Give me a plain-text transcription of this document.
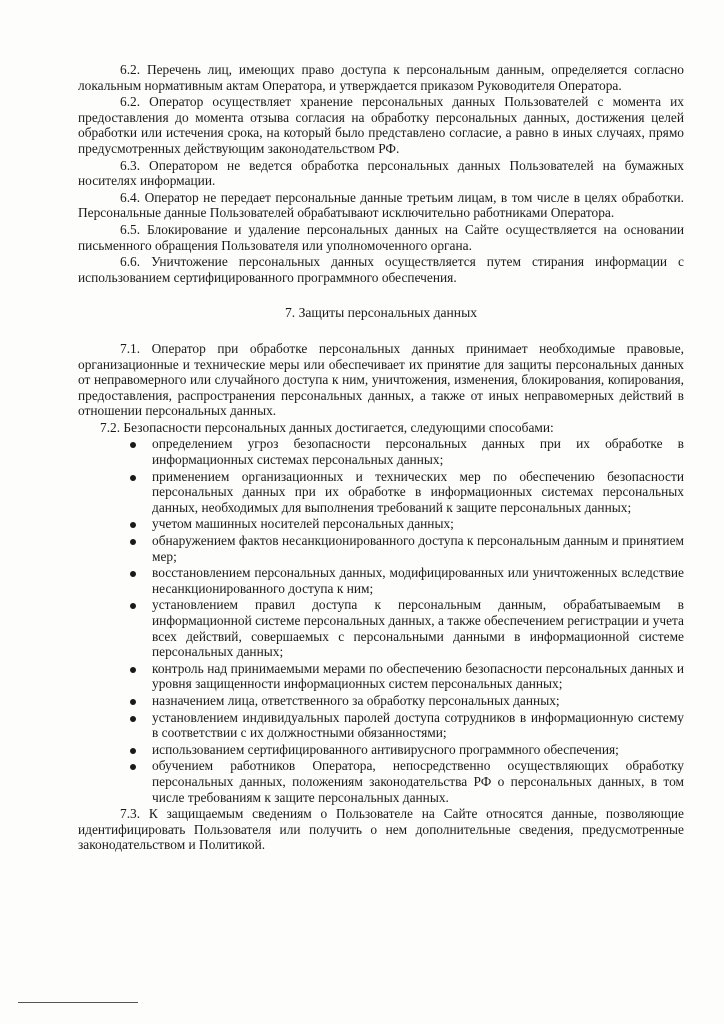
6.2. Перечень лиц, имеющих право доступа к персональным данным, определяется согласно локальным нормативным актам Оператора, и утверждается приказом Руководителя Оператора.

6.2. Оператор осуществляет хранение персональных данных Пользователей с момента их предоставления до момента отзыва согласия на обработку персональных данных, достижения целей обработки или истечения срока, на который было представлено согласие, а равно в иных случаях, прямо предусмотренных действующим законодательством РФ.

6.3. Оператором не ведется обработка персональных данных Пользователей на бумажных носителях информации.

6.4. Оператор не передает персональные данные третьим лицам, в том числе в целях обработки. Персональные данные Пользователей обрабатывают исключительно работниками Оператора.

6.5. Блокирование и удаление персональных данных на Сайте осуществляется на основании письменного обращения Пользователя или уполномоченного органа.

6.6. Уничтожение персональных данных осуществляется путем стирания информации с использованием сертифицированного программного обеспечения.

7. Защиты персональных данных

7.1. Оператор при обработке персональных данных принимает необходимые правовые, организационные и технические меры или обеспечивает их принятие для защиты персональных данных от неправомерного или случайного доступа к ним, уничтожения, изменения, блокирования, копирования, предоставления, распространения персональных данных, а также от иных неправомерных действий в отношении персональных данных.

7.2. Безопасности персональных данных достигается, следующими способами:

определением угроз безопасности персональных данных при их обработке в информационных системах персональных данных;
применением организационных и технических мер по обеспечению безопасности персональных данных при их обработке в информационных системах персональных данных, необходимых для выполнения требований к защите персональных данных;
учетом машинных носителей персональных данных;
обнаружением фактов несанкционированного доступа к персональным данным и принятием мер;
восстановлением персональных данных, модифицированных или уничтоженных вследствие несанкционированного доступа к ним;
установлением правил доступа к персональным данным, обрабатываемым в информационной системе персональных данных, а также обеспечением регистрации и учета всех действий, совершаемых с персональными данными в информационной системе персональных данных;
контроль над принимаемыми мерами по обеспечению безопасности персональных данных и уровня защищенности информационных систем персональных данных;
назначением лица, ответственного за обработку персональных данных;
установлением индивидуальных паролей доступа сотрудников в информационную систему в соответствии с их должностными обязанностями;
использованием сертифицированного антивирусного программного обеспечения;
обучением работников Оператора, непосредственно осуществляющих обработку персональных данных, положениям законодательства РФ о персональных данных, в том числе требованиям к защите персональных данных.

7.3. К защищаемым сведениям о Пользователе на Сайте относятся данные, позволяющие идентифицировать Пользователя или получить о нем дополнительные сведения, предусмотренные законодательством и Политикой.
